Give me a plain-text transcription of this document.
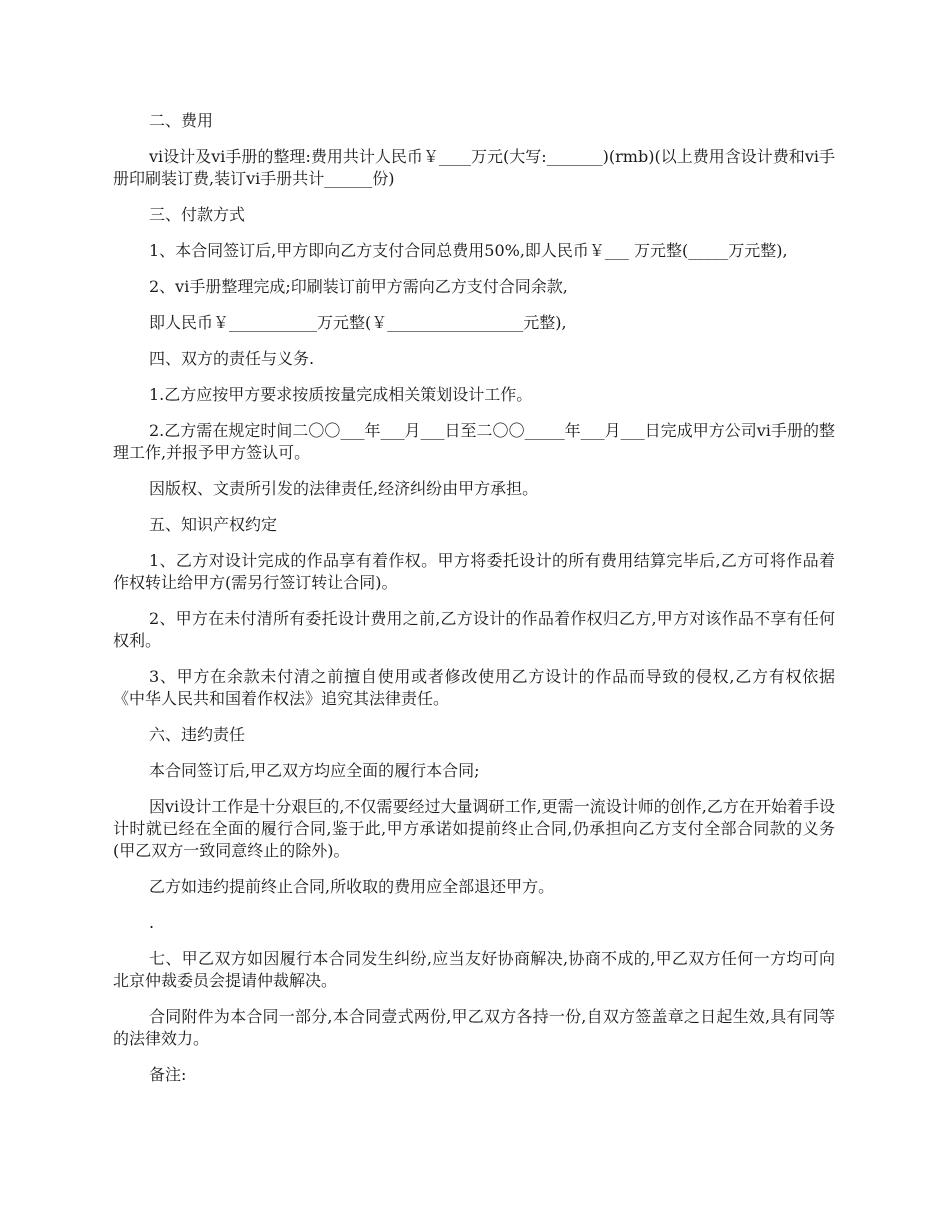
二、费用

vi设计及vi手册的整理:费用共计人民币￥____万元(大写:_______)(rmb)(以上费用含设计费和vi手册印刷装订费,装订vi手册共计______份)

三、付款方式

1、本合同签订后,甲方即向乙方支付合同总费用50%,即人民币￥___ 万元整(_____万元整),

2、vi手册整理完成;印刷装订前甲方需向乙方支付合同余款,

即人民币￥___________万元整(￥_________________元整),

四、双方的责任与义务.

1.乙方应按甲方要求按质按量完成相关策划设计工作。

2.乙方需在规定时间二〇〇___年___月___日至二〇〇_____年___月___日完成甲方公司vi手册的整理工作,并报予甲方签认可。

因版权、文责所引发的法律责任,经济纠纷由甲方承担。

五、知识产权约定

1、乙方对设计完成的作品享有着作权。甲方将委托设计的所有费用结算完毕后,乙方可将作品着作权转让给甲方(需另行签订转让合同)。

2、甲方在未付清所有委托设计费用之前,乙方设计的作品着作权归乙方,甲方对该作品不享有任何权利。

3、甲方在余款未付清之前擅自使用或者修改使用乙方设计的作品而导致的侵权,乙方有权依据《中华人民共和国着作权法》追究其法律责任。

六、违约责任

本合同签订后,甲乙双方均应全面的履行本合同;

因vi设计工作是十分艰巨的,不仅需要经过大量调研工作,更需一流设计师的创作,乙方在开始着手设计时就已经在全面的履行合同,鉴于此,甲方承诺如提前终止合同,仍承担向乙方支付全部合同款的义务(甲乙双方一致同意终止的除外)。

乙方如违约提前终止合同,所收取的费用应全部退还甲方。

.

七、甲乙双方如因履行本合同发生纠纷,应当友好协商解决,协商不成的,甲乙双方任何一方均可向北京仲裁委员会提请仲裁解决。

合同附件为本合同一部分,本合同壹式两份,甲乙双方各持一份,自双方签盖章之日起生效,具有同等的法律效力。

备注:
